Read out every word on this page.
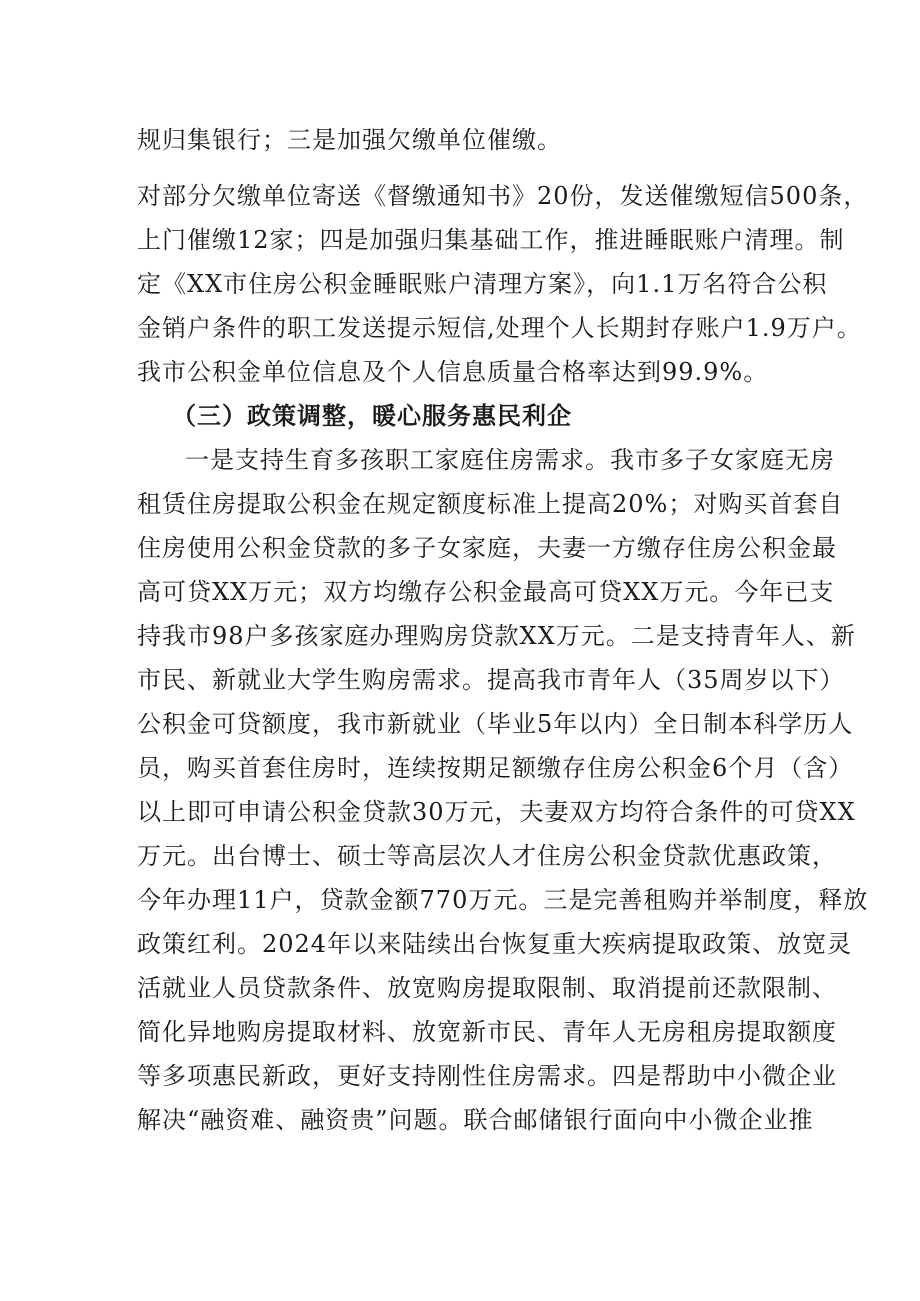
规归集银行；三是加强欠缴单位催缴。
对部分欠缴单位寄送《督缴通知书》20份，发送催缴短信500条，
上门催缴12家；四是加强归集基础工作，推进睡眠账户清理。制
定《XX市住房公积金睡眠账户清理方案》，向1.1万名符合公积
金销户条件的职工发送提示短信,处理个人长期封存账户1.9万户。
我市公积金单位信息及个人信息质量合格率达到99.9%。
（三）政策调整，暖心服务惠民利企
一是支持生育多孩职工家庭住房需求。我市多子女家庭无房
租赁住房提取公积金在规定额度标准上提高20%；对购买首套自
住房使用公积金贷款的多子女家庭，夫妻一方缴存住房公积金最
高可贷XX万元；双方均缴存公积金最高可贷XX万元。今年已支
持我市98户多孩家庭办理购房贷款XX万元。二是支持青年人、新
市民、新就业大学生购房需求。提高我市青年人（35周岁以下）
公积金可贷额度，我市新就业（毕业5年以内）全日制本科学历人
员，购买首套住房时，连续按期足额缴存住房公积金6个月（含）
以上即可申请公积金贷款30万元，夫妻双方均符合条件的可贷XX
万元。出台博士、硕士等高层次人才住房公积金贷款优惠政策，
今年办理11户，贷款金额770万元。三是完善租购并举制度，释放
政策红利。2024年以来陆续出台恢复重大疾病提取政策、放宽灵
活就业人员贷款条件、放宽购房提取限制、取消提前还款限制、
简化异地购房提取材料、放宽新市民、青年人无房租房提取额度
等多项惠民新政，更好支持刚性住房需求。四是帮助中小微企业
解决“融资难、融资贵”问题。联合邮储银行面向中小微企业推
